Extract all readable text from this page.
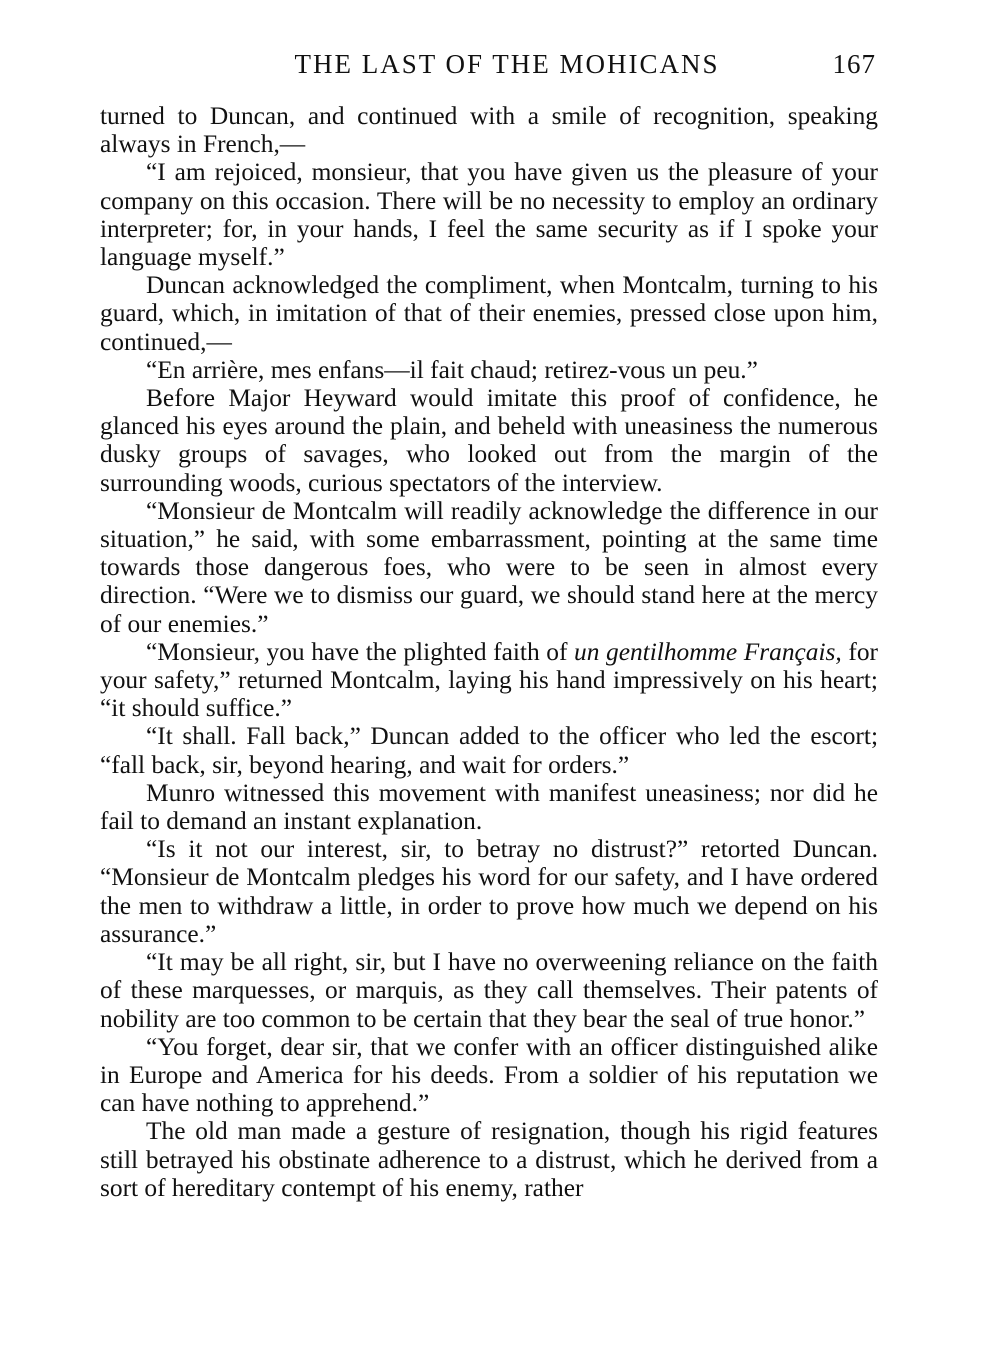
THE LAST OF THE MOHICANS	167

turned to Duncan, and continued with a smile of recognition, speaking always in French,—

“I am rejoiced, monsieur, that you have given us the pleasure of your company on this occasion. There will be no necessity to employ an ordinary interpreter; for, in your hands, I feel the same security as if I spoke your language myself.”

Duncan acknowledged the compliment, when Montcalm, turning to his guard, which, in imitation of that of their enemies, pressed close upon him, continued,—

“En arrière, mes enfans—il fait chaud; retirez-vous un peu.”

Before Major Heyward would imitate this proof of confidence, he glanced his eyes around the plain, and beheld with uneasiness the numerous dusky groups of savages, who looked out from the margin of the surrounding woods, curious spectators of the interview.

“Monsieur de Montcalm will readily acknowledge the difference in our situation,” he said, with some embarrassment, pointing at the same time towards those dangerous foes, who were to be seen in almost every direction. “Were we to dismiss our guard, we should stand here at the mercy of our enemies.”

“Monsieur, you have the plighted faith of un gentilhomme Français, for your safety,” returned Montcalm, laying his hand impressively on his heart; “it should suffice.”

“It shall. Fall back,” Duncan added to the officer who led the escort; “fall back, sir, beyond hearing, and wait for orders.”

Munro witnessed this movement with manifest uneasiness; nor did he fail to demand an instant explanation.

“Is it not our interest, sir, to betray no distrust?” retorted Duncan. “Monsieur de Montcalm pledges his word for our safety, and I have ordered the men to withdraw a little, in order to prove how much we depend on his assurance.”

“It may be all right, sir, but I have no overweening reliance on the faith of these marquesses, or marquis, as they call themselves. Their patents of nobility are too common to be certain that they bear the seal of true honor.”

“You forget, dear sir, that we confer with an officer distinguished alike in Europe and America for his deeds. From a soldier of his reputation we can have nothing to apprehend.”

The old man made a gesture of resignation, though his rigid features still betrayed his obstinate adherence to a distrust, which he derived from a sort of hereditary contempt of his enemy, rather
